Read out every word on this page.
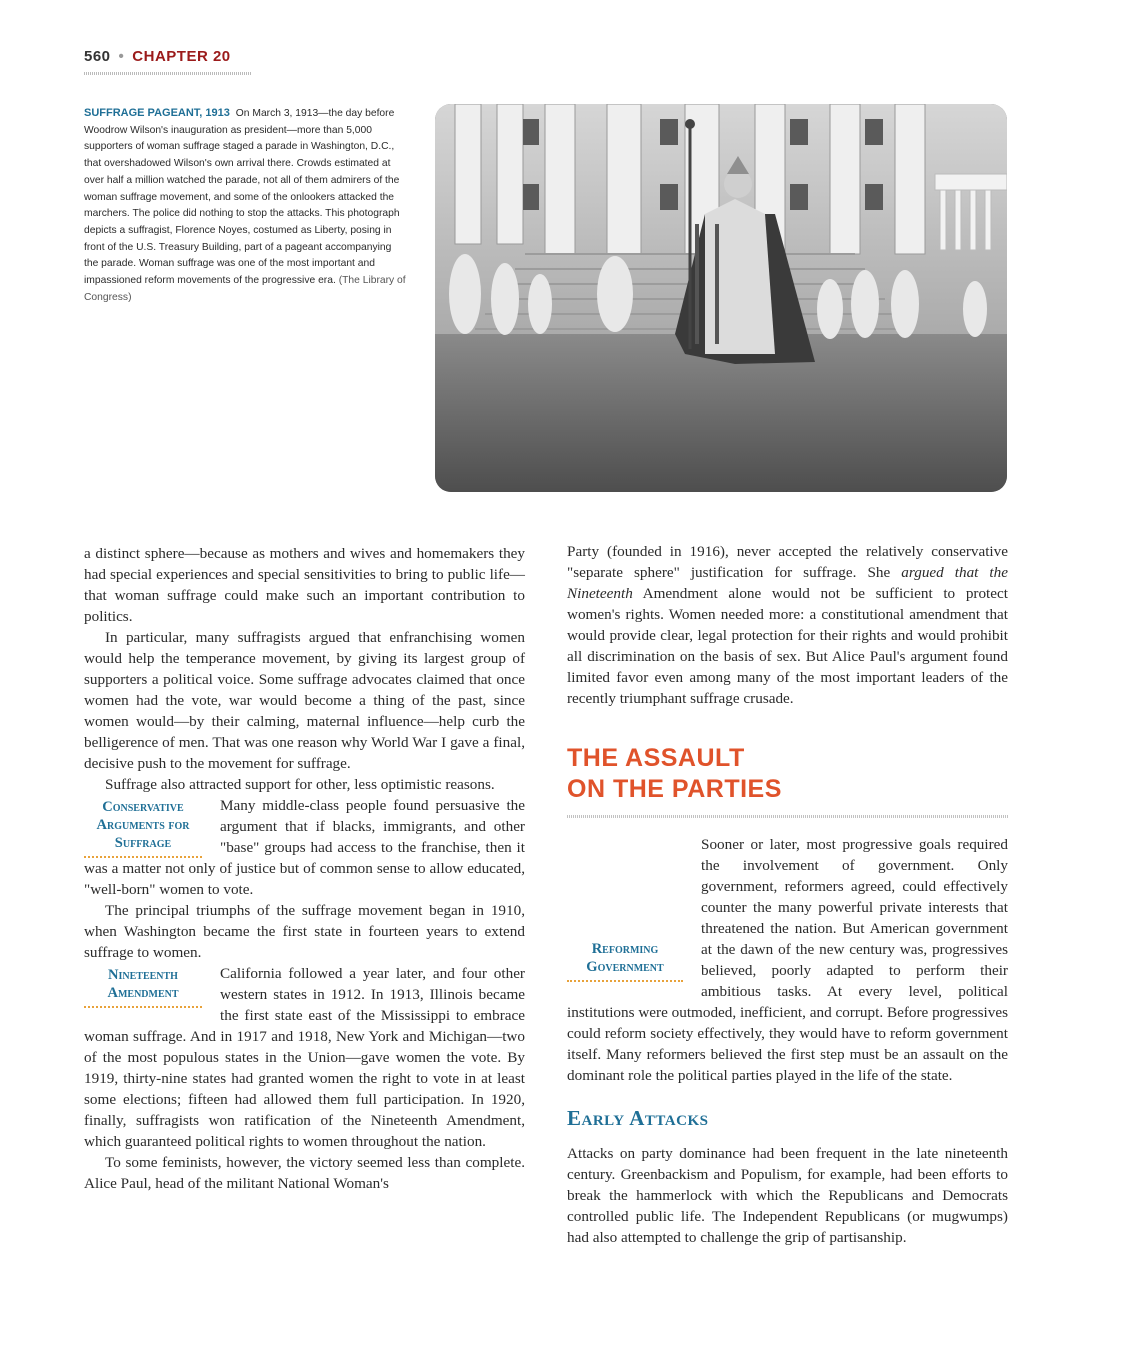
560 • CHAPTER 20
SUFFRAGE PAGEANT, 1913 On March 3, 1913—the day before Woodrow Wilson's inauguration as president—more than 5,000 supporters of woman suffrage staged a parade in Washington, D.C., that overshadowed Wilson's own arrival there. Crowds estimated at over half a million watched the parade, not all of them admirers of the woman suffrage movement, and some of the onlookers attacked the marchers. The police did nothing to stop the attacks. This photograph depicts a suffragist, Florence Noyes, costumed as Liberty, posing in front of the U.S. Treasury Building, part of a pageant accompanying the parade. Woman suffrage was one of the most important and impassioned reform movements of the progressive era. (The Library of Congress)

a distinct sphere—because as mothers and wives and homemakers they had special experiences and special sensitivities to bring to public life—that woman suffrage could make such an important contribution to politics.

In particular, many suffragists argued that enfranchising women would help the temperance movement, by giving its largest group of supporters a political voice. Some suffrage advocates claimed that once women had the vote, war would become a thing of the past, since women would—by their calming, maternal influence—help curb the belligerence of men. That was one reason why World War I gave a final, decisive push to the movement for suffrage.

Suffrage also attracted support for other, less optimistic reasons.

Conservative Arguments for Suffrage
Many middle-class people found persuasive the argument that if blacks, immigrants, and other "base" groups had access to the franchise, then it was a matter not only of justice but of common sense to allow educated, "well-born" women to vote.

The principal triumphs of the suffrage movement began in 1910, when Washington became the first state in fourteen years to extend suffrage to women.

Nineteenth Amendment
California followed a year later, and four other western states in 1912. In 1913, Illinois became the first state east of the Mississippi to embrace woman suffrage. And in 1917 and 1918, New York and Michigan—two of the most populous states in the Union—gave women the vote. By 1919, thirty-nine states had granted women the right to vote in at least some elections; fifteen had allowed them full participation. In 1920, finally, suffragists won ratification of the Nineteenth Amendment, which guaranteed political rights to women throughout the nation.

To some feminists, however, the victory seemed less than complete. Alice Paul, head of the militant National Woman's

Party (founded in 1916), never accepted the relatively conservative "separate sphere" justification for suffrage. She argued that the Nineteenth Amendment alone would not be sufficient to protect women's rights. Women needed more: a constitutional amendment that would provide clear, legal protection for their rights and would prohibit all discrimination on the basis of sex. But Alice Paul's argument found limited favor even among many of the most important leaders of the recently triumphant suffrage crusade.

THE ASSAULT
ON THE PARTIES

Reforming Government
Sooner or later, most progressive goals required the involvement of government. Only government, reformers agreed, could effectively counter the many powerful private interests that threatened the nation. But American government at the dawn of the new century was, progressives believed, poorly adapted to perform their ambitious tasks. At every level, political institutions were outmoded, inefficient, and corrupt. Before progressives could reform society effectively, they would have to reform government itself. Many reformers believed the first step must be an assault on the dominant role the political parties played in the life of the state.

Early Attacks

Attacks on party dominance had been frequent in the late nineteenth century. Greenbackism and Populism, for example, had been efforts to break the hammerlock with which the Republicans and Democrats controlled public life. The Independent Republicans (or mugwumps) had also attempted to challenge the grip of partisanship.
